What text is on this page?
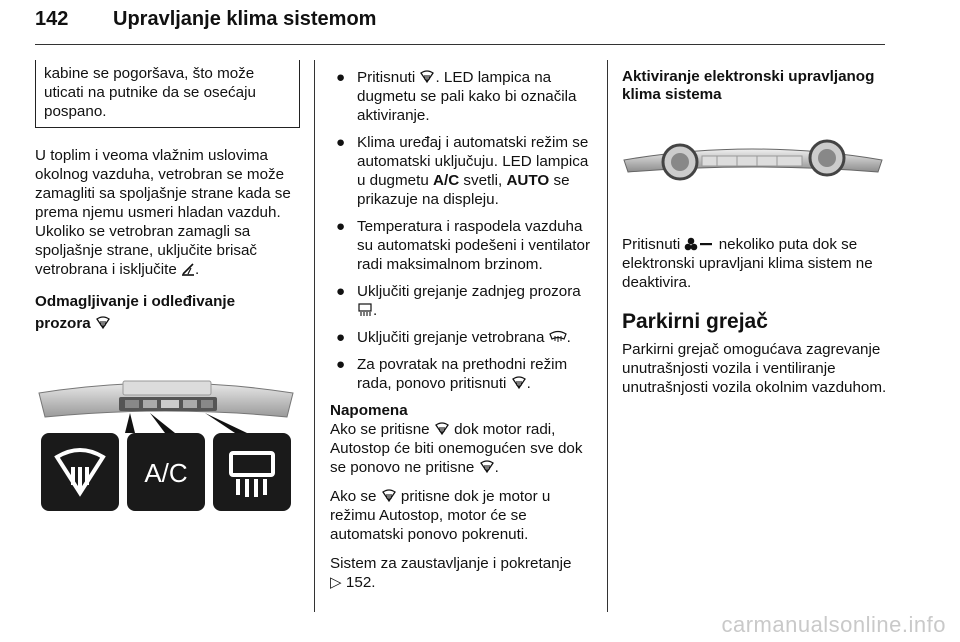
142 Upravljanje klima sistemom
kabine se pogoršava, što može uticati na putnike da se osećaju pospano.

U toplim i veoma vlažnim uslovima okolnog vazduha, vetrobran se može zamagliti sa spoljašnje strane kada se prema njemu usmeri hladan vazduh. Ukoliko se vetrobran zamagli sa spoljašnje strane, uključite brisač vetrobrana i isključite .

Odmagljivanje i odleđivanje
prozora

A/C
● Pritisnuti . LED lampica na dugmetu se pali kako bi označila aktiviranje.
● Klima uređaj i automatski režim se automatski uključuju. LED lampica u dugmetu A/C svetli, AUTO se prikazuje na displeju.
● Temperatura i raspodela vazduha su automatski podešeni i ventilator radi maksimalnom brzinom.
● Uključiti grejanje zadnjeg prozora
.
● Uključiti grejanje vetrobrana .
● Za povratak na prethodni režim rada, ponovo pritisnuti .

Napomena

Ako se pritisne dok motor radi, Autostop će biti onemogućen sve dok se ponovo ne pritisne .

Ako se pritisne dok je motor u režimu Autostop, motor će se automatski ponovo pokrenuti.

Sistem za zaustavljanje i pokretanje
▷ 152.

Aktiviranje elektronski upravljanog klima sistema

Pritisnuti	nekoliko puta dok se elektronski upravljani klima sistem ne deaktivira.

Parkirni grejač

Parkirni grejač omogućava zagrevanje unutrašnjosti vozila i ventiliranje unutrašnjosti vozila okolnim vazduhom.

carmanualsonline.info
